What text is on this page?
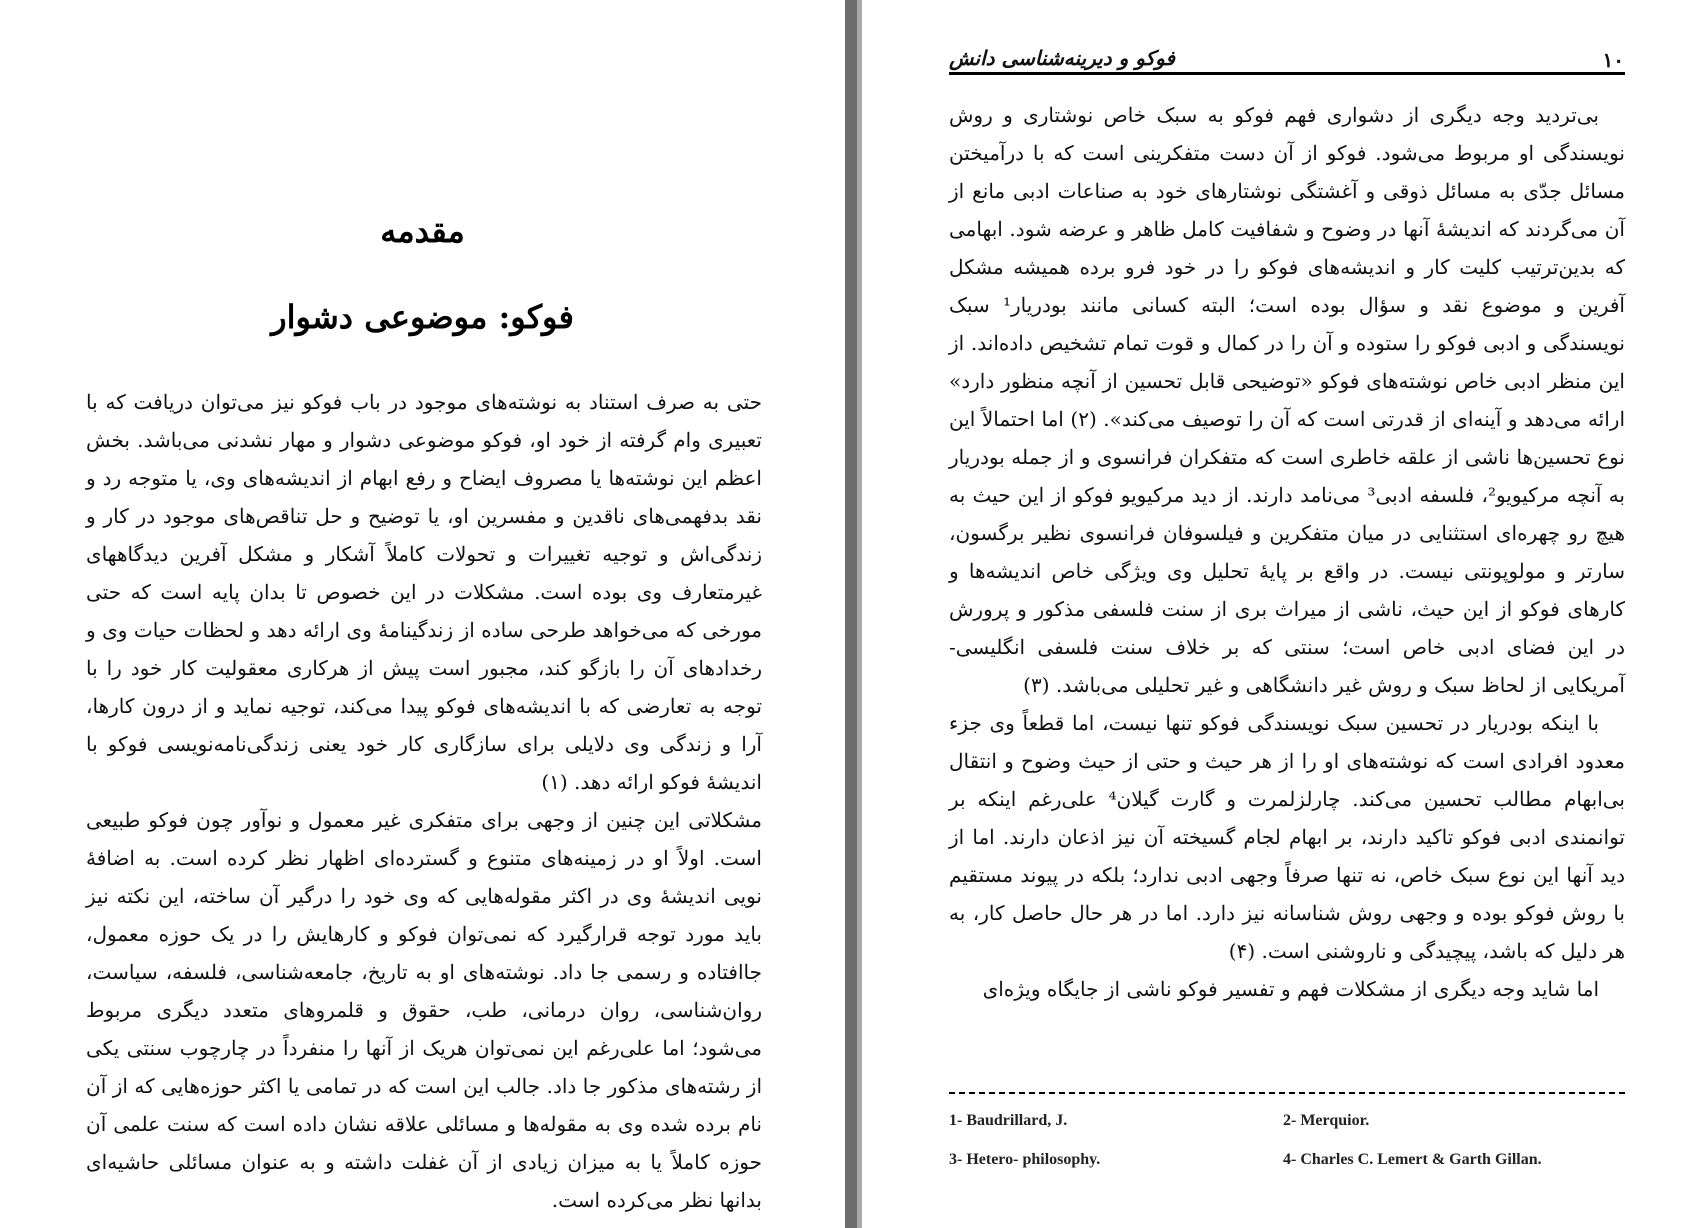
مقدمه
فوکو: موضوعی دشوار

حتی به صرف استناد به نوشته‌های موجود در باب فوکو نیز می‌توان دریافت که با تعبیری وام گرفته از خود او، فوکو موضوعی دشوار و مهار نشدنی می‌باشد. بخش اعظم این نوشته‌ها یا مصروف ایضاح و رفع ابهام از اندیشه‌های وی، یا متوجه رد و نقد بدفهمی‌های ناقدین و مفسرین او، یا توضیح و حل تناقص‌های موجود در کار و زندگی‌اش و توجیه تغییرات و تحولات کاملاً آشکار و مشکل آفرین دیدگاههای غیرمتعارف وی بوده است. مشکلات در این خصوص تا بدان پایه است که حتی مورخی که می‌خواهد طرحی ساده از زندگینامهٔ وی ارائه دهد و لحظات حیات وی و رخدادهای آن را بازگو کند، مجبور است پیش از هرکاری معقولیت کار خود را با توجه به تعارضی که با اندیشه‌های فوکو پیدا می‌کند، توجیه نماید و از درون کارها، آرا و زندگی وی دلایلی برای سازگاری کار خود یعنی زندگی‌نامه‌نویسی فوکو با اندیشهٔ فوکو ارائه دهد. (۱)

مشکلاتی این چنین از وجهی برای متفکری غیر معمول و نوآور چون فوکو طبیعی است. اولاً او در زمینه‌های متنوع و گسترده‌ای اظهار نظر کرده است. به اضافهٔ نویی اندیشهٔ وی در اکثر مقوله‌هایی که وی خود را درگیر آن ساخته، این نکته نیز باید مورد توجه قرارگیرد که نمی‌توان فوکو و کارهایش را در یک حوزه معمول، جاافتاده و رسمی جا داد. نوشته‌های او به تاریخ، جامعه‌شناسی، فلسفه، سیاست، روان‌شناسی، روان درمانی، طب، حقوق و قلمروهای متعدد دیگری مربوط می‌شود؛ اما علی‌رغم این نمی‌توان هریک از آنها را منفرداً در چارچوب سنتی یکی از رشته‌های مذکور جا داد. جالب این است که در تمامی یا اکثر حوزه‌هایی که از آن نام برده شده وی به مقوله‌ها و مسائلی علاقه نشان داده است که سنت علمی آن حوزه کاملاً یا به میزان زیادی از آن غفلت داشته و به عنوان مسائلی حاشیه‌ای بدانها نظر می‌کرده است.

۱۰
فوکو و دیرینه‌شناسی دانش

بی‌تردید وجه دیگری از دشواری فهم فوکو به سبک خاص نوشتاری و روش نویسندگی او مربوط می‌شود. فوکو از آن دست متفکرینی است که با درآمیختن مسائل جدّی به مسائل ذوقی و آغشتگی نوشتارهای خود به صناعات ادبی مانع از آن می‌گردند که اندیشهٔ آنها در وضوح و شفافیت کامل ظاهر و عرضه شود. ابهامی که بدین‌ترتیب کلیت کار و اندیشه‌های فوکو را در خود فرو برده همیشه مشکل آفرین و موضوع نقد و سؤال بوده است؛ البته کسانی مانند بودریار¹ سبک نویسندگی و ادبی فوکو را ستوده و آن را در کمال و قوت تمام تشخیص داده‌اند. از این منظر ادبی خاص نوشته‌های فوکو «توضیحی قابل تحسین از آنچه منظور دارد» ارائه می‌دهد و آینه‌ای از قدرتی است که آن را توصیف می‌کند». (۲) اما احتمالاً این نوع تحسین‌ها ناشی از علقه خاطری است که متفکران فرانسوی و از جمله بودریار به آنچه مرکیویو²، فلسفه ادبی³ می‌نامد دارند. از دید مرکیویو فوکو از این حیث به هیچ رو چهره‌ای استثنایی در میان متفکرین و فیلسوفان فرانسوی نظیر برگسون، سارتر و مولوپونتی نیست. در واقع بر پایهٔ تحلیل وی ویژگی خاص اندیشه‌ها و کارهای فوکو از این حیث، ناشی از میراث بری از سنت فلسفی مذکور و پرورش در این فضای ادبی خاص است؛ سنتی که بر خلاف سنت فلسفی انگلیسی- آمریکایی از لحاظ سبک و روش غیر دانشگاهی و غیر تحلیلی می‌باشد. (۳)

با اینکه بودریار در تحسین سبک نویسندگی فوکو تنها نیست، اما قطعاً وی جزء معدود افرادی است که نوشته‌های او را از هر حیث و حتی از حیث وضوح و انتقال بی‌ابهام مطالب تحسین می‌کند. چارلزلمرت و گارت گیلان⁴ علی‌رغم اینکه بر توانمندی ادبی فوکو تاکید دارند، بر ابهام لجام گسیخته آن نیز اذعان دارند. اما از دید آنها این نوع سبک خاص، نه تنها صرفاً وجهی ادبی ندارد؛ بلکه در پیوند مستقیم با روش فوکو بوده و وجهی روش شناسانه نیز دارد. اما در هر حال حاصل کار، به هر دلیل که باشد، پیچیدگی و ناروشنی است. (۴)

اما شاید وجه دیگری از مشکلات فهم و تفسیر فوکو ناشی از جایگاه ویژه‌ای

1- Baudrillard, J.	2- Merquior.
3- Hetero- philosophy.	4- Charles C. Lemert & Garth Gillan.
